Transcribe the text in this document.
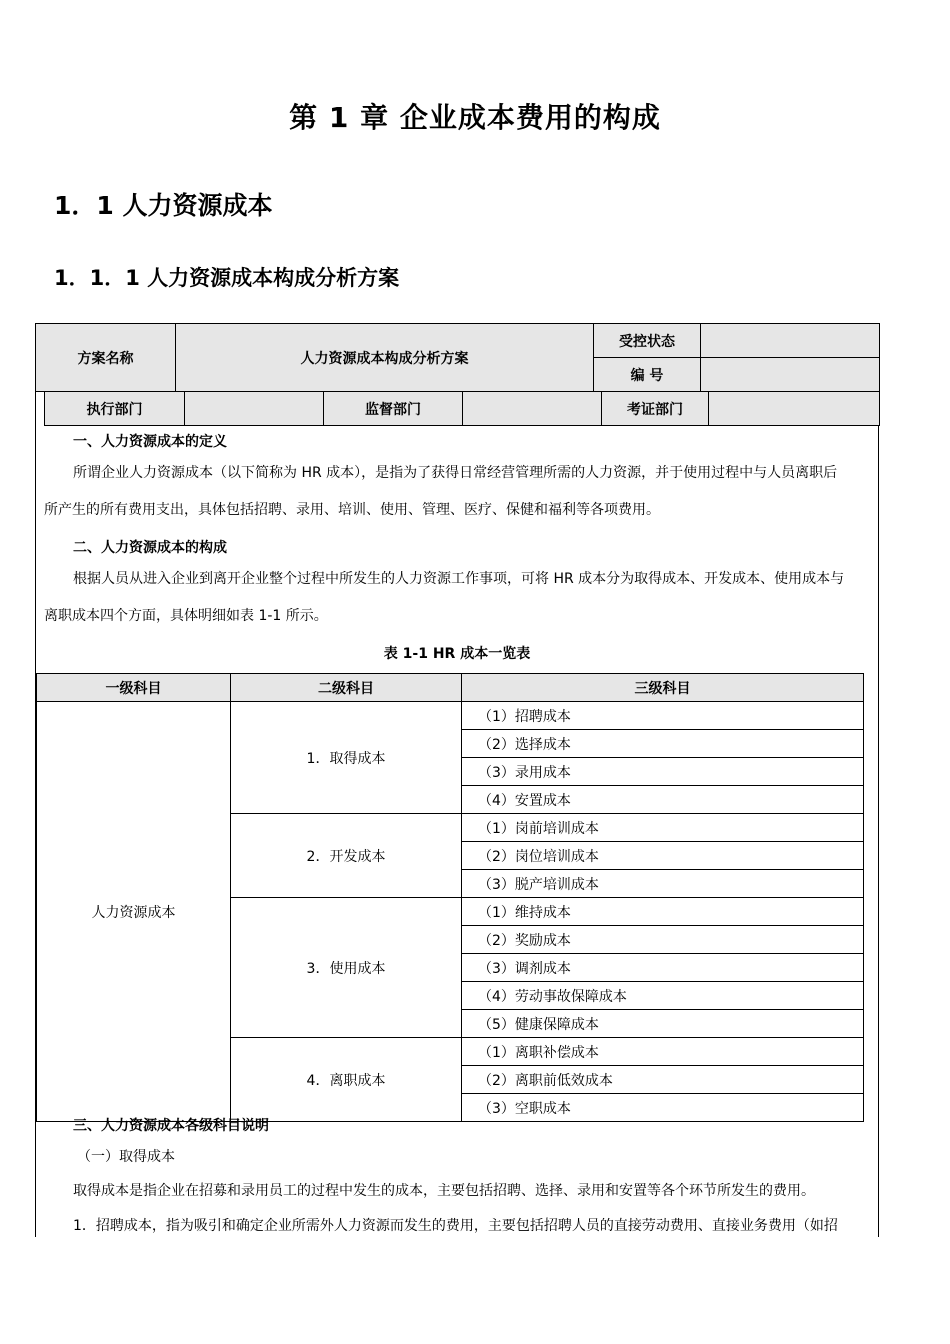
第 1 章 企业成本费用的构成
1．1 人力资源成本
1．1．1 人力资源成本构成分析方案
方案名称	人力资源成本构成分析方案
受控状态
编 号
执行部门	监督部门	考证部门
一、人力资源成本的定义
所谓企业人力资源成本（以下简称为 HR 成本），是指为了获得日常经营管理所需的人力资源，并于使用过程中与人员离职后
所产生的所有费用支出，具体包括招聘、录用、培训、使用、管理、医疗、保健和福利等各项费用。
二、人力资源成本的构成
根据人员从进入企业到离开企业整个过程中所发生的人力资源工作事项，可将 HR 成本分为取得成本、开发成本、使用成本与
离职成本四个方面，具体明细如表 1-1 所示。
表 1-1 HR 成本一览表
一级科目	二级科目	三级科目
人力资源成本	1．取得成本	（1）招聘成本
		（2）选择成本
		（3）录用成本
		（4）安置成本
	2．开发成本	（1）岗前培训成本
		（2）岗位培训成本
		（3）脱产培训成本
	3．使用成本	（1）维持成本
		（2）奖励成本
		（3）调剂成本
		（4）劳动事故保障成本
		（5）健康保障成本
	4．离职成本	（1）离职补偿成本
		（2）离职前低效成本
		（3）空职成本
三、人力资源成本各级科目说明
（一）取得成本
取得成本是指企业在招募和录用员工的过程中发生的成本，主要包括招聘、选择、录用和安置等各个环节所发生的费用。
1．招聘成本，指为吸引和确定企业所需外人力资源而发生的费用，主要包括招聘人员的直接劳动费用、直接业务费用（如招
